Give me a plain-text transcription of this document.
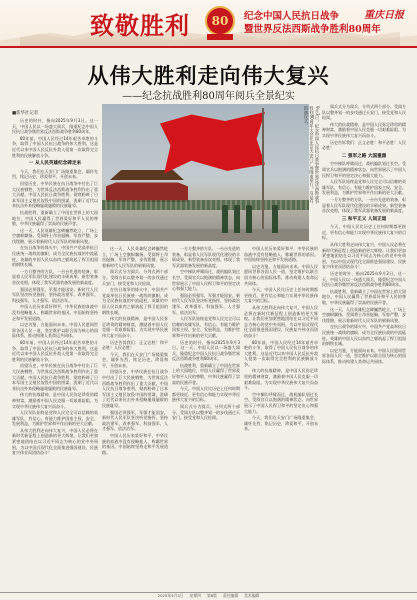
致敬胜利 80 纪念中国人民抗日战争
暨世界反法西斯战争胜利80周年
重庆日报
从伟大胜利走向伟大复兴
——纪念抗战胜利80周年阅兵全景纪实
■新华社记者

历史的时针，指向2025年9月3日。这一天，中国人民以一场盛大阅兵，隆重纪念中国人民抗日战争暨世界反法西斯战争胜利80周年。

80年前，中国人民经过14年艰苦卓绝的斗争，取得了中国人民抗日战争的伟大胜利。这是近代以来中国人民反抗外敌入侵第一次取得完全胜利的民族解放斗争。

一 从人民英雄纪念碑走来

今天，我们在天安门广场隆重集会，缅怀先烈，铭记历史，珍爱和平，开创未来。

回望历史，中华民族在抗日战争中付出了巨大民族牺牲，为世界反法西斯战争胜利作出了重大贡献。中国人民抗日战争胜利，彻底粉碎了日本军国主义殖民奴役中国的图谋，洗刷了近代以来抗击外来侵略屡战屡败的民族耻辱。

抗战胜利，重新确立了中国在世界上的大国地位，中国人民赢得了世界爱好和平人民的尊敬，中华民族赢得了崇高的民族声誉。

这一天，人民英雄纪念碑巍然屹立，广场上空旗帜飘扬。受阅将士昂首挺胸，军容严整，步伐铿锵，展示着新时代人民军队的崭新风貌。

在抗日战争的烽火中，中国共产党高举抗日民族统一战线的旗帜，成为全民族抗战的中流砥柱。英雄的中国人民以血肉之躯筑起了捍卫祖国的钢铁长城。

一方方整齐的方队，一台台先进的装备，彰显着人民军队现代化建设的丰硕成果。新型装备首次亮相，体现了我军武器装备发展的新高度。

强国必须强军，军强才能国安。新时代人民军队坚决听党指挥，坚持政治建军、改革强军、科技强军、人才强军、依法治军。

中国人民历来爱好和平，中华民族的血液中没有侵略他人、称霸世界的基因。中国始终坚持走和平发展道路。

以史为鉴，方能面向未来。中国人民愿同世界各国人民一道，坚定维护以联合国为核心的国际体系，推动构建人类命运共同体。

80年前，中国人民经过14年艰苦卓绝的斗争，取得了中国人民抗日战争的伟大胜利。这是近代以来中国人民反抗外敌入侵第一次取得完全胜利的民族解放斗争。

回望历史，中华民族在抗日战争中付出了巨大民族牺牲，为世界反法西斯战争胜利作出了重大贡献。中国人民抗日战争胜利，彻底粉碎了日本军国主义殖民奴役中国的图谋，洗刷了近代以来抗击外来侵略屡战屡败的民族耻辱。

伟大的抗战精神，是中国人民弥足珍贵的精神财富，激励着中国人民克服一切艰难险阻、为实现中华民族伟大复兴而奋斗。

人民军队始终是党和人民完全可以信赖的英雄军队，有信心、有能力维护国家主权、安全、发展利益，为维护世界和平作出新的更大贡献。

从伟大胜利走向伟大复兴，中国人民必将在新时代新征程上创造新的更大辉煌。让我们更加紧密地团结在以习近平同志为核心的党中央周围，为以中国式现代化全面推进强国建设、民族复兴伟业而团结奋斗！

9月3日，纪念中国人民抗日战争暨世界反法西斯战争胜利80周年大会在北京天安门广场隆重举行。这是升国旗仪式。	阅兵式分为阅兵、分列式两个部分。受阅方队以整齐划一的步伐通过天安门，接受党和人民检阅。

伟大的抗战精神，是中国人民弥足珍贵的精神财富，激励着中国人民克服一切艰难险阻、为实现中华民族伟大复兴而奋斗。

历史告诉我们：正义必胜！和平必胜！人民必胜！

二 强军之路 大国重器

空中梯队呼啸而过，战机编队划过长空。受阅官兵以饱满的精神状态，向世界展示了中国人民捍卫和平的坚定决心和强大能力。

人民军队始终是党和人民完全可以信赖的英雄军队，有信心、有能力维护国家主权、安全、发展利益，为维护世界和平作出新的更大贡献。

一方方整齐的方队，一台台先进的装备，彰显着人民军队现代化建设的丰硕成果。新型装备首次亮相，体现了我军武器装备发展的新高度。

三 和平正义 人间正道

今天，中国人民比历史上任何时期都更接近、更有信心和能力实现中华民族伟大复兴的目标。

从伟大胜利走向伟大复兴，中国人民必将在新时代新征程上创造新的更大辉煌。让我们更加紧密地团结在以习近平同志为核心的党中央周围，为以中国式现代化全面推进强国建设、民族复兴伟业而团结奋斗！

历史的时针，指向2025年9月3日。这一天，中国人民以一场盛大阅兵，隆重纪念中国人民抗日战争暨世界反法西斯战争胜利80周年。

抗战胜利，重新确立了中国在世界上的大国地位，中国人民赢得了世界爱好和平人民的尊敬，中华民族赢得了崇高的民族声誉。

这一天，人民英雄纪念碑巍然屹立，广场上空旗帜飘扬。受阅将士昂首挺胸，军容严整，步伐铿锵，展示着新时代人民军队的崭新风貌。

在抗日战争的烽火中，中国共产党高举抗日民族统一战线的旗帜，成为全民族抗战的中流砥柱。英雄的中国人民以血肉之躯筑起了捍卫祖国的钢铁长城。

以史为鉴，方能面向未来。中国人民愿同世界各国人民一道，坚定维护以联合国为核心的国际体系，推动构建人类命运共同体。

这一天，人民英雄纪念碑巍然屹立，广场上空旗帜飘扬。受阅将士昂首挺胸，军容严整，步伐铿锵，展示着新时代人民军队的崭新风貌。

阅兵式分为阅兵、分列式两个部分。受阅方队以整齐划一的步伐通过天安门，接受党和人民检阅。

在抗日战争的烽火中，中国共产党高举抗日民族统一战线的旗帜，成为全民族抗战的中流砥柱。英雄的中国人民以血肉之躯筑起了捍卫祖国的钢铁长城。

伟大的抗战精神，是中国人民弥足珍贵的精神财富，激励着中国人民克服一切艰难险阻、为实现中华民族伟大复兴而奋斗。

历史告诉我们：正义必胜！和平必胜！人民必胜！

今天，我们在天安门广场隆重集会，缅怀先烈，铭记历史，珍爱和平，开创未来。

回望历史，中华民族在抗日战争中付出了巨大民族牺牲，为世界反法西斯战争胜利作出了重大贡献。中国人民抗日战争胜利，彻底粉碎了日本军国主义殖民奴役中国的图谋，洗刷了近代以来抗击外来侵略屡战屡败的民族耻辱。

强国必须强军，军强才能国安。新时代人民军队坚决听党指挥，坚持政治建军、改革强军、科技强军、人才强军、依法治军。

中国人民历来爱好和平，中华民族的血液中没有侵略他人、称霸世界的基因。中国始终坚持走和平发展道路。

一方方整齐的方队，一台台先进的装备，彰显着人民军队现代化建设的丰硕成果。新型装备首次亮相，体现了我军武器装备发展的新高度。

空中梯队呼啸而过，战机编队划过长空。受阅官兵以饱满的精神状态，向世界展示了中国人民捍卫和平的坚定决心和强大能力。

强国必须强军，军强才能国安。新时代人民军队坚决听党指挥，坚持政治建军、改革强军、科技强军、人才强军、依法治军。

人民军队始终是党和人民完全可以信赖的英雄军队，有信心、有能力维护国家主权、安全、发展利益，为维护世界和平作出新的更大贡献。

历史的时针，指向2025年9月3日。这一天，中国人民以一场盛大阅兵，隆重纪念中国人民抗日战争暨世界反法西斯战争胜利80周年。

抗战胜利，重新确立了中国在世界上的大国地位，中国人民赢得了世界爱好和平人民的尊敬，中华民族赢得了崇高的民族声誉。

今天，中国人民比历史上任何时期都更接近、更有信心和能力实现中华民族伟大复兴的目标。

阅兵式分为阅兵、分列式两个部分。受阅方队以整齐划一的步伐通过天安门，接受党和人民检阅。

中国人民历来爱好和平，中华民族的血液中没有侵略他人、称霸世界的基因。中国始终坚持走和平发展道路。

以史为鉴，方能面向未来。中国人民愿同世界各国人民一道，坚定维护以联合国为核心的国际体系，推动构建人类命运共同体。

今天，中国人民比历史上任何时期都更接近、更有信心和能力实现中华民族伟大复兴的目标。

从伟大胜利走向伟大复兴，中国人民必将在新时代新征程上创造新的更大辉煌。让我们更加紧密地团结在以习近平同志为核心的党中央周围，为以中国式现代化全面推进强国建设、民族复兴伟业而团结奋斗！

80年前，中国人民经过14年艰苦卓绝的斗争，取得了中国人民抗日战争的伟大胜利。这是近代以来中国人民反抗外敌入侵第一次取得完全胜利的民族解放斗争。

伟大的抗战精神，是中国人民弥足珍贵的精神财富，激励着中国人民克服一切艰难险阻、为实现中华民族伟大复兴而奋斗。

空中梯队呼啸而过，战机编队划过长空。受阅官兵以饱满的精神状态，向世界展示了中国人民捍卫和平的坚定决心和强大能力。

今天，我们在天安门广场隆重集会，缅怀先烈，铭记历史，珍爱和平，开创未来。

2025年9月4日 星期四 第8版 责任编辑 美术编辑
